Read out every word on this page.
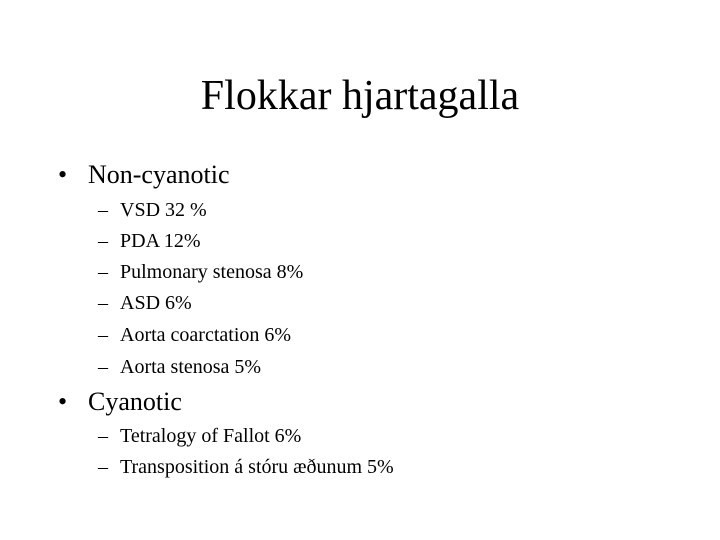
Flokkar hjartagalla
• Non-cyanotic
– VSD 32 %
– PDA 12%
– Pulmonary stenosa 8%
– ASD 6%
– Aorta coarctation 6%
– Aorta stenosa 5%
• Cyanotic
– Tetralogy of Fallot 6%
– Transposition á stóru æðunum 5%
